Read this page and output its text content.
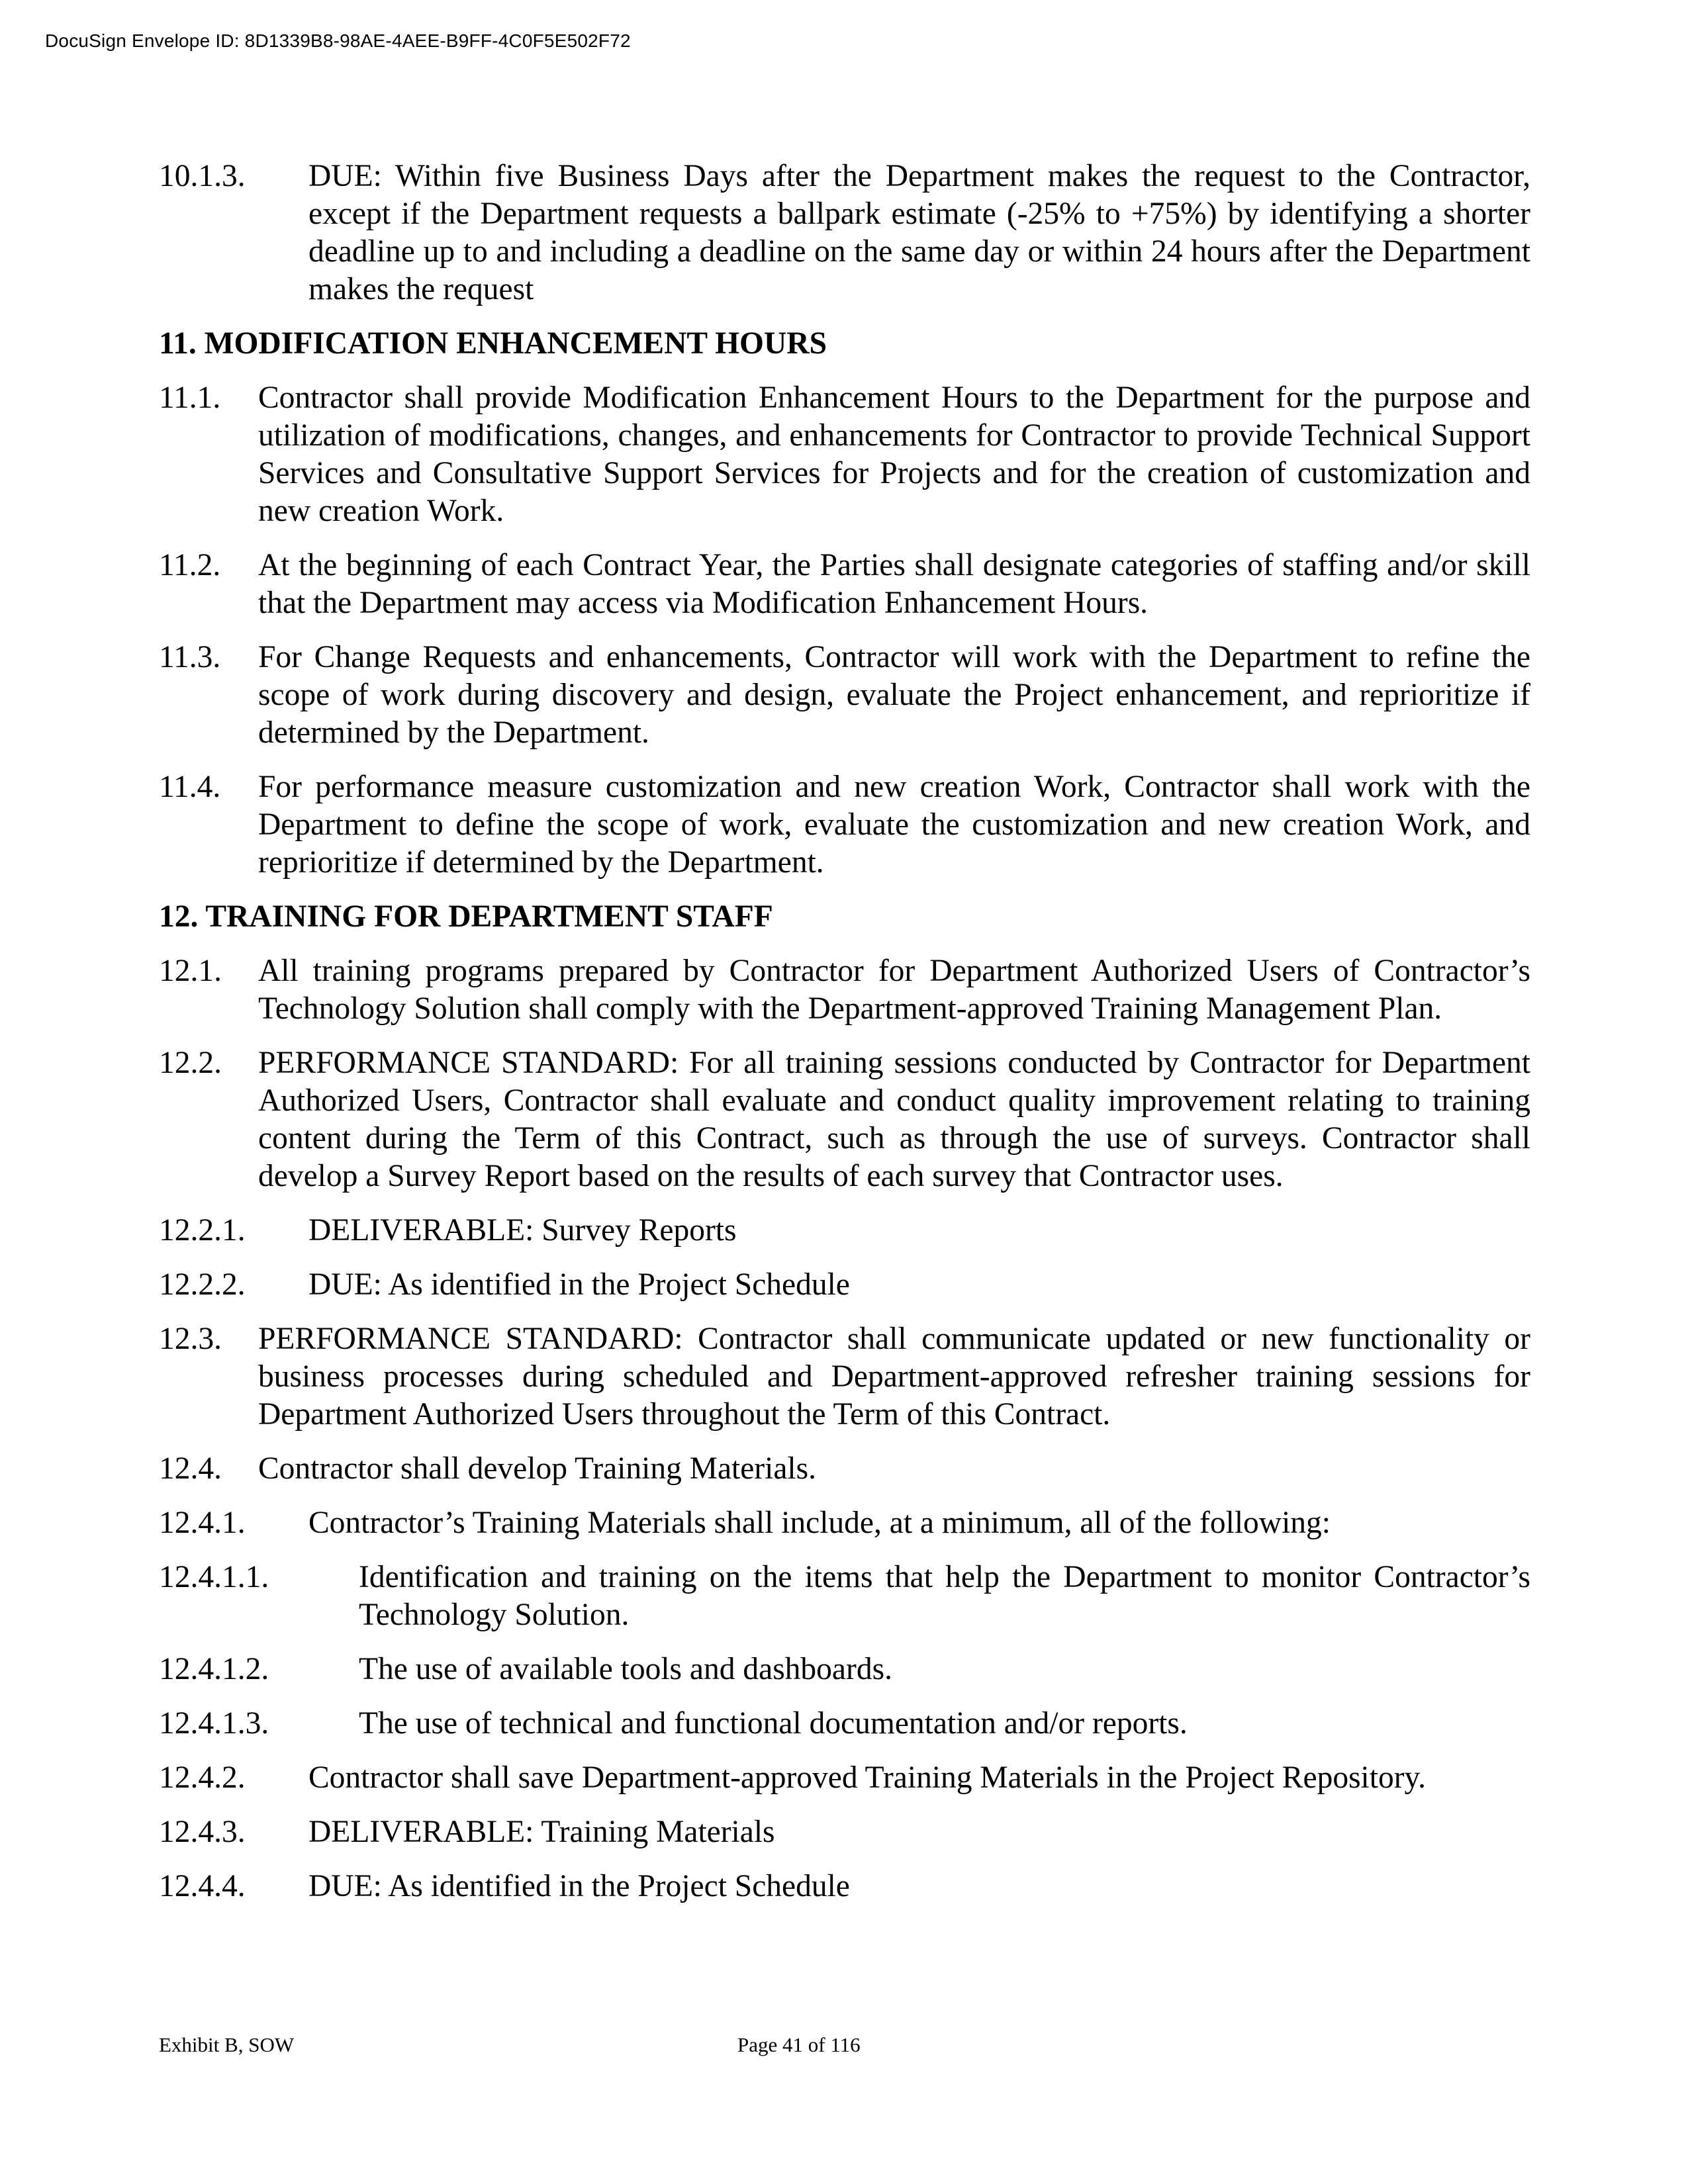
DocuSign Envelope ID: 8D1339B8-98AE-4AEE-B9FF-4C0F5E502F72
10.1.3.	DUE: Within five Business Days after the Department makes the request to the Contractor, except if the Department requests a ballpark estimate (-25% to +75%) by identifying a shorter deadline up to and including a deadline on the same day or within 24 hours after the Department makes the request
11. MODIFICATION ENHANCEMENT HOURS
11.1.	Contractor shall provide Modification Enhancement Hours to the Department for the purpose and utilization of modifications, changes, and enhancements for Contractor to provide Technical Support Services and Consultative Support Services for Projects and for the creation of customization and new creation Work.
11.2.	At the beginning of each Contract Year, the Parties shall designate categories of staffing and/or skill that the Department may access via Modification Enhancement Hours.
11.3.	For Change Requests and enhancements, Contractor will work with the Department to refine the scope of work during discovery and design, evaluate the Project enhancement, and reprioritize if determined by the Department.
11.4.	For performance measure customization and new creation Work, Contractor shall work with the Department to define the scope of work, evaluate the customization and new creation Work, and reprioritize if determined by the Department.
12. TRAINING FOR DEPARTMENT STAFF
12.1.	All training programs prepared by Contractor for Department Authorized Users of Contractor’s Technology Solution shall comply with the Department-approved Training Management Plan.
12.2.	PERFORMANCE STANDARD: For all training sessions conducted by Contractor for Department Authorized Users, Contractor shall evaluate and conduct quality improvement relating to training content during the Term of this Contract, such as through the use of surveys. Contractor shall develop a Survey Report based on the results of each survey that Contractor uses.
12.2.1.	DELIVERABLE: Survey Reports
12.2.2.	DUE: As identified in the Project Schedule
12.3.	PERFORMANCE STANDARD: Contractor shall communicate updated or new functionality or business processes during scheduled and Department-approved refresher training sessions for Department Authorized Users throughout the Term of this Contract.
12.4.	Contractor shall develop Training Materials.
12.4.1.	Contractor’s Training Materials shall include, at a minimum, all of the following:
12.4.1.1.	Identification and training on the items that help the Department to monitor Contractor’s Technology Solution.
12.4.1.2.	The use of available tools and dashboards.
12.4.1.3.	The use of technical and functional documentation and/or reports.
12.4.2.	Contractor shall save Department-approved Training Materials in the Project Repository.
12.4.3.	DELIVERABLE: Training Materials
12.4.4.	DUE: As identified in the Project Schedule
Exhibit B, SOW	Page 41 of 116
